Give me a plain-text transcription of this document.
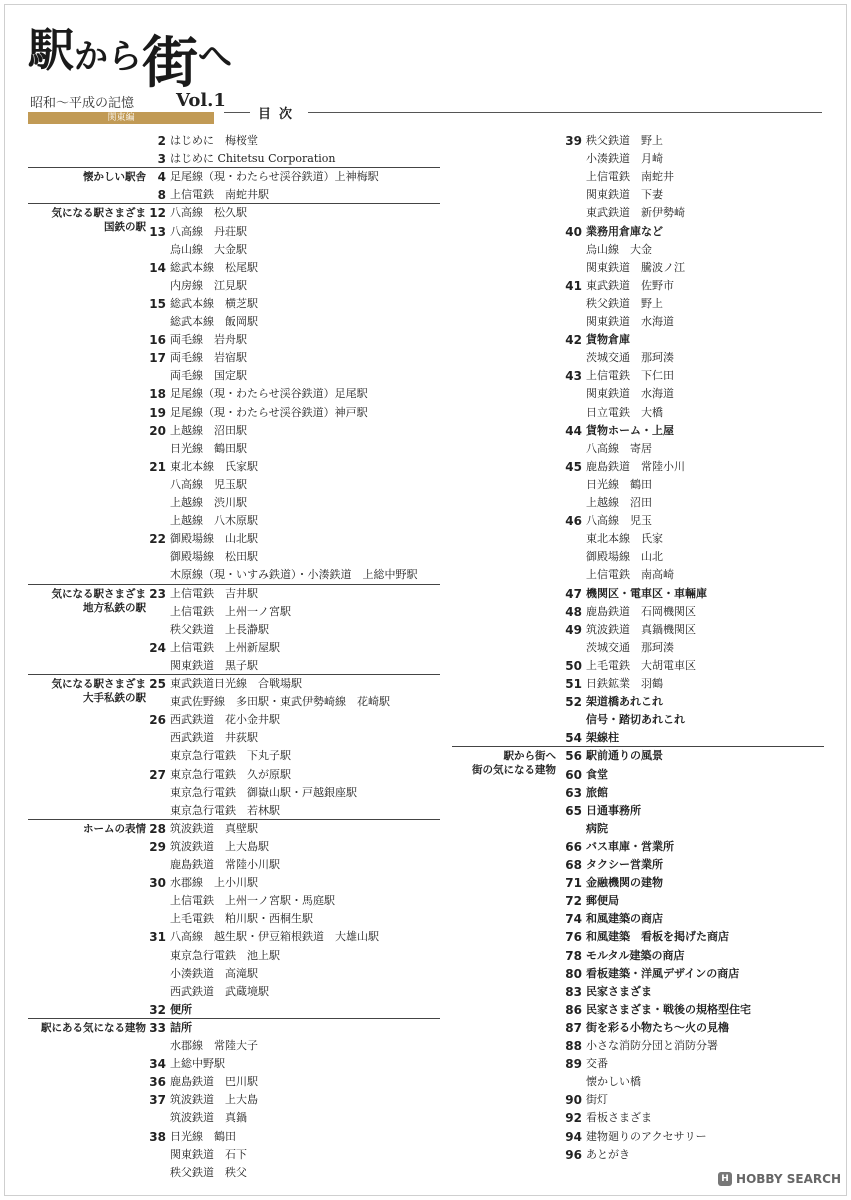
駅から街へ
昭和～平成の記憶 Vol.1
関東編	目次
2 はじめに　梅桜堂
3 はじめに Chitetsu Corporation
4 足尾線（現・わたらせ渓谷鉄道）上神梅駅
8 上信電鉄　南蛇井駅
12 八高線　松久駅
13 八高線　丹荘駅
烏山線　大金駅
14 総武本線　松尾駅
内房線　江見駅
15 総武本線　横芝駅
総武本線　飯岡駅
16 両毛線　岩舟駅
17 両毛線　岩宿駅
両毛線　国定駅
18 足尾線（現・わたらせ渓谷鉄道）足尾駅
19 足尾線（現・わたらせ渓谷鉄道）神戸駅
20 上越線　沼田駅
日光線　鶴田駅
21 東北本線　氏家駅
八高線　児玉駅
上越線　渋川駅
上越線　八木原駅
22 御殿場線　山北駅
御殿場線　松田駅
木原線（現・いすみ鉄道）・小湊鉄道　上総中野駅
23 上信電鉄　吉井駅
上信電鉄　上州一ノ宮駅
秩父鉄道　上長瀞駅
24 上信電鉄　上州新屋駅
関東鉄道　黒子駅
25 東武鉄道日光線　合戦場駅
東武佐野線　多田駅・東武伊勢崎線　花崎駅
26 西武鉄道　花小金井駅
西武鉄道　井荻駅
東京急行電鉄　下丸子駅
27 東京急行電鉄　久が原駅
東京急行電鉄　御嶽山駅・戸越銀座駅
東京急行電鉄　若林駅
28 筑波鉄道　真壁駅
29 筑波鉄道　上大島駅
鹿島鉄道　常陸小川駅
30 水郡線　上小川駅
上信電鉄　上州一ノ宮駅・馬庭駅
上毛電鉄　粕川駅・西桐生駅
31 八高線　越生駅・伊豆箱根鉄道　大雄山駅
東京急行電鉄　池上駅
小湊鉄道　高滝駅
西武鉄道　武蔵境駅
32 便所
33 詰所
水郡線　常陸大子
34 上総中野駅
36 鹿島鉄道　巴川駅
37 筑波鉄道　上大島
筑波鉄道　真鍋
38 日光線　鶴田
関東鉄道　石下
秩父鉄道　秩父
懐かしい駅舎
気になる駅さまざま
国鉄の駅
気になる駅さまざま
地方私鉄の駅
気になる駅さまざま
大手私鉄の駅
ホームの表情
駅にある気になる建物
39 秩父鉄道　野上
小湊鉄道　月崎
上信電鉄　南蛇井
関東鉄道　下妻
東武鉄道　新伊勢崎
40 業務用倉庫など
烏山線　大金
関東鉄道　騰波ノ江
41 東武鉄道　佐野市
秩父鉄道　野上
関東鉄道　水海道
42 貨物倉庫
茨城交通　那珂湊
43 上信電鉄　下仁田
関東鉄道　水海道
日立電鉄　大橋
44 貨物ホーム・上屋
八高線　寄居
45 鹿島鉄道　常陸小川
日光線　鶴田
上越線　沼田
46 八高線　児玉
東北本線　氏家
御殿場線　山北
上信電鉄　南高崎
47 機関区・電車区・車輛庫
48 鹿島鉄道　石岡機関区
49 筑波鉄道　真鍋機関区
茨城交通　那珂湊
50 上毛電鉄　大胡電車区
51 日鉄鉱業　羽鶴
52 架道橋あれこれ
信号・踏切あれこれ
54 架線柱
56 駅前通りの風景
60 食堂
63 旅館
65 日通事務所
病院
66 バス車庫・営業所
68 タクシー営業所
71 金融機関の建物
72 郵便局
74 和風建築の商店
76 和風建築　看板を掲げた商店
78 モルタル建築の商店
80 看板建築・洋風デザインの商店
83 民家さまざま
86 民家さまざま・戦後の規格型住宅
87 街を彩る小物たち～火の見櫓
88 小さな消防分団と消防分署
89 交番
懐かしい橋
90 街灯
92 看板さまざま
94 建物廻りのアクセサリー
96 あとがき
駅から街へ
街の気になる建物
H HOBBY SEARCH
